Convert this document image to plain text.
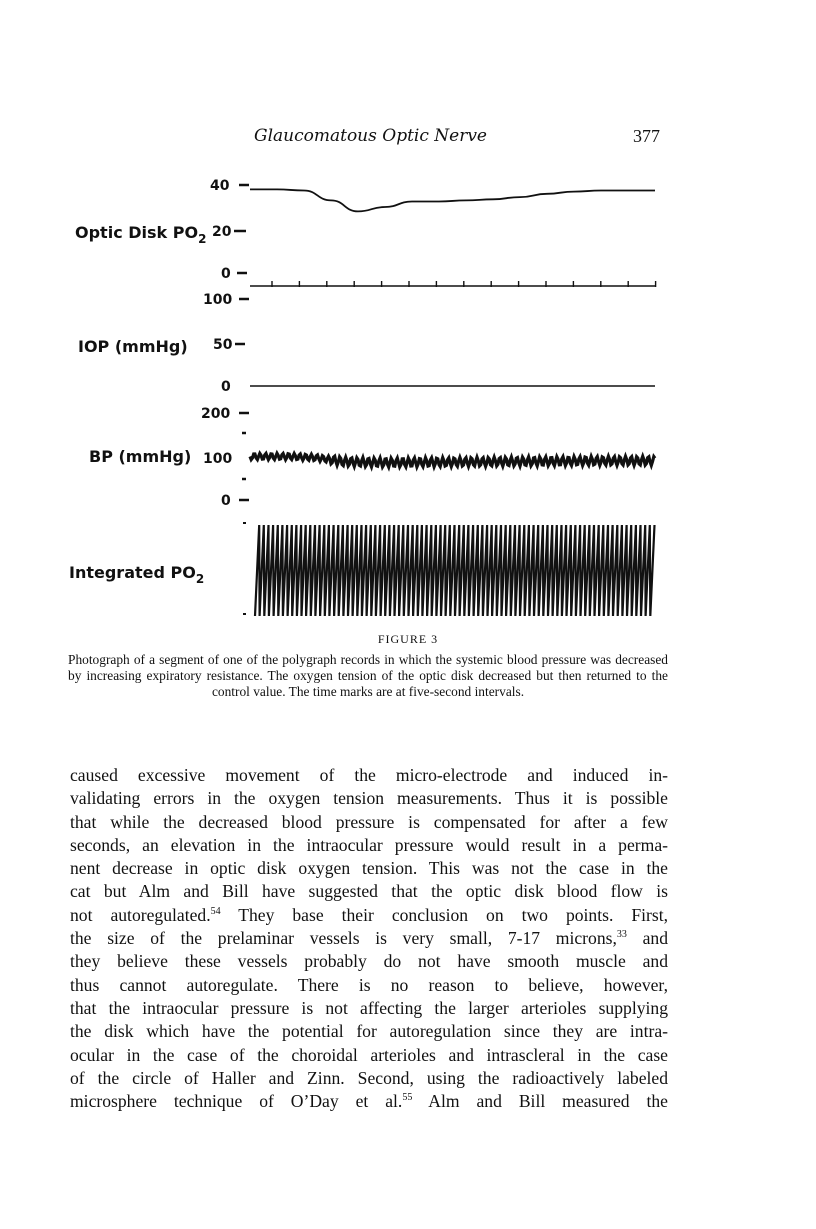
Glaucomatous Optic Nerve	377
Optic Disk $PO_2$
IOP (mmHg)
BP (mmHg)
Integrated $PO_2$
40
20
0
100
50
0
200
100
0
FIGURE 3
Photograph of a segment of one of the polygraph records in which the systemic blood pressure was decreased by increasing expiratory resistance. The oxygen tension of the optic disk decreased but then returned to the control value. The time marks are at five-second intervals.
caused excessive movement of the micro-electrode and induced in-
validating errors in the oxygen tension measurements. Thus it is possible
that while the decreased blood pressure is compensated for after a few
seconds, an elevation in the intraocular pressure would result in a perma-
nent decrease in optic disk oxygen tension. This was not the case in the
cat but Alm and Bill have suggested that the optic disk blood flow is
not autoregulated.$^{54}$ They base their conclusion on two points. First,
the size of the prelaminar vessels is very small, 7-17 microns,$^{33}$ and
they believe these vessels probably do not have smooth muscle and
thus cannot autoregulate. There is no reason to believe, however,
that the intraocular pressure is not affecting the larger arterioles supplying
the disk which have the potential for autoregulation since they are intra-
ocular in the case of the choroidal arterioles and intrascleral in the case
of the circle of Haller and Zinn. Second, using the radioactively labeled
microsphere technique of O’Day et al.$^{55}$ Alm and Bill measured the
